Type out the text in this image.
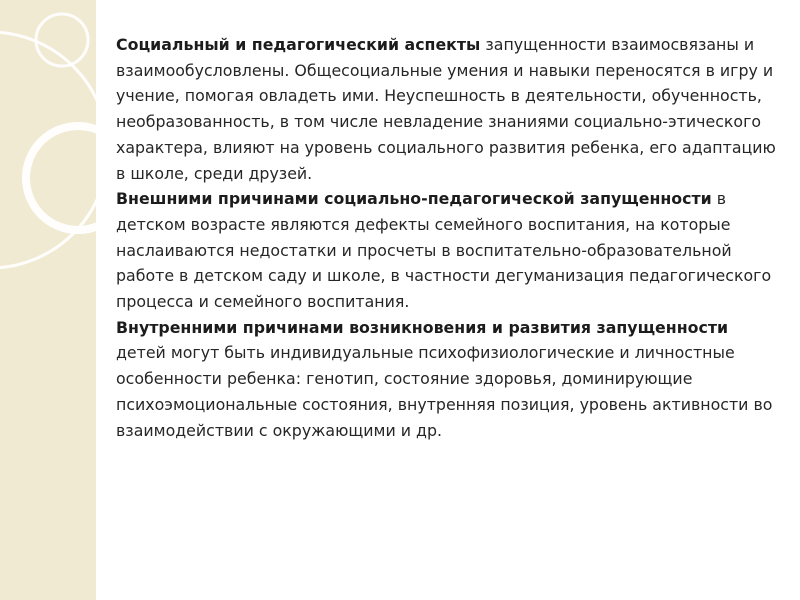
Социальный и педагогический аспекты запущенности взаимосвязаны и взаимообусловлены. Общесоциальные умения и навыки переносятся в игру и учение, помогая овладеть ими. Неуспешность в деятельности, обученность, необразованность, в том числе невладение знаниями социально-этического характера, влияют на уровень социального развития ребенка, его адаптацию в школе, среди друзей.

Внешними причинами социально-педагогической запущенности в детском возрасте являются дефекты семейного воспитания, на которые наслаиваются недостатки и просчеты в воспитательно-образовательной работе в детском саду и школе, в частности дегуманизация педагогического процесса и семейного воспитания.

Внутренними причинами возникновения и развития запущенности детей могут быть индивидуальные психофизиологические и личностные особенности ребенка: генотип, состояние здоровья, доминирующие психоэмоциональные состояния, внутренняя позиция, уровень активности во взаимодействии с окружающими и др.
